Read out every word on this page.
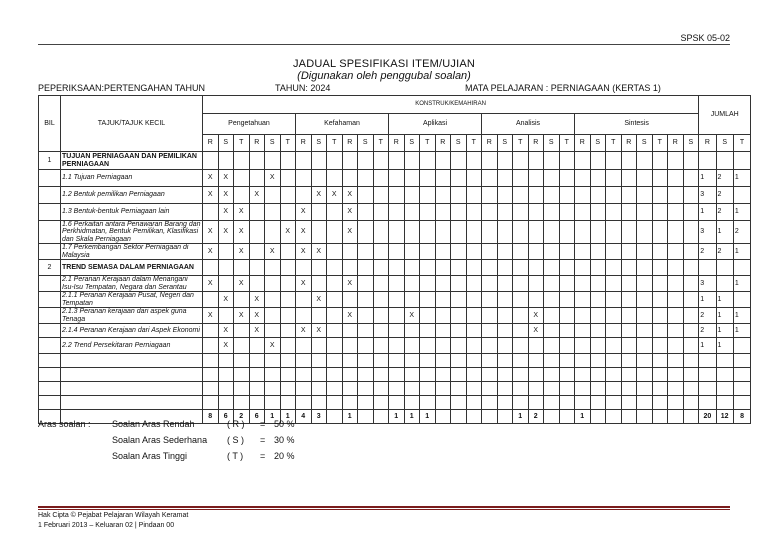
SPSK 05-02
JADUAL SPESIFIKASI ITEM/UJIAN
(Digunakan oleh penggubal soalan)
PEPERIKSAAN:PERTENGAHAN TAHUN	TAHUN: 2024	MATA PELAJARAN : PERNIAGAAN (KERTAS 1)
BIL	TAJUK/TAJUK KECIL	KONSTRUK/KEMAHIRAN																																JUMLAH		
		Pengetahuan						Kefahaman						Aplikasi						Analisis						Sintesis										
		R	S	T	R	S	T	R	S	T	R	S	T	R	S	T	R	S	T	R	S	T	R	S	T	R	S	T	R	S	T	R	S	R	S	T
1	TUJUAN PERNIAGAAN DAN PEMILIKAN PERNIAGAAN																																			
	1.1 Tujuan Perniagaan	X	X			X																												1	2	1
	1.2 Bentuk pemilikan Perniagaan	X	X		X				X	X	X																							3	2	
	1.3 Bentuk-bentuk Perniagaan lain		X	X				X			X																							1	2	1
	1.6 Perkaitan antara Penawaran Barang dan Perkhidmatan, Bentuk Pemilikan, Klasifikasi dan Skala Perniagaan	X	X	X			X	X			X																							3	1	2
	1.7 Perkembangan Sektor Perniagaan di Malaysia	X		X		X		X	X																									2	2	1
2	TREND SEMASA DALAM PERNIAGAAN																																			
	2.1 Peranan Kerajaan dalam Menangani Isu-Isu Tempatan, Negara dan Serantau	X		X				X			X																							3		1
	2.1.1 Peranan Kerajaan Pusat, Negeri dan Tempatan		X		X				X																									1	1	
	2.1.3 Peranan kerajaan dari aspek guna Tenaga	X		X	X						X				X								X											2	1	1
	2.1.4 Peranan Kerajaan dari Aspek Ekonomi		X		X			X	X														X											2	1	1
	2.2 Trend Persekitaran Perniagaan		X			X																												1	1	

		8	6	2	6	1	1	4	3		1			1	1	1						1	2			1								20	12	8
Aras soalan : Soalan Aras Rendah	( R ) = 50 %
Soalan Aras Sederhana ( S ) = 30 %
Soalan Aras Tinggi	( T ) = 20 %
Hak Cipta © Pejabat Pelajaran Wilayah Keramat
1 Februari 2013 – Keluaran 02 | Pindaan 00
